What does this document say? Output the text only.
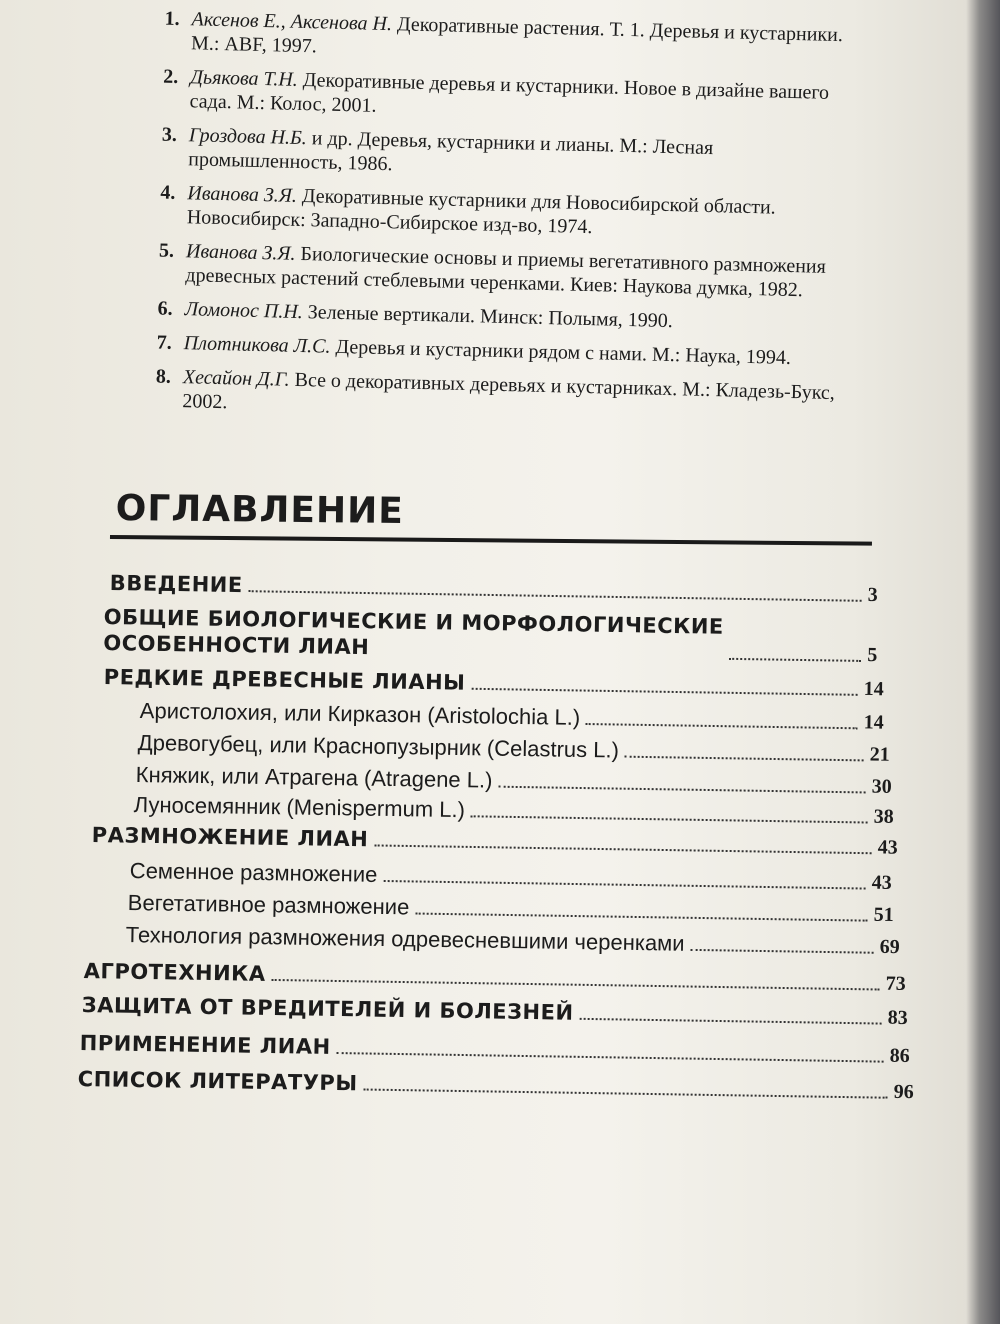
1. Аксенов Е., Аксенова Н. Декоративные растения. Т. 1. Деревья и кустарники. М.: ABF, 1997.
2. Дьякова Т.Н. Декоративные деревья и кустарники. Новое в дизайне вашего сада. М.: Колос, 2001.
3. Гроздова Н.Б. и др. Деревья, кустарники и лианы. М.: Лесная промышленность, 1986.
4. Иванова З.Я. Декоративные кустарники для Новосибирской области. Новосибирск: Западно-Сибирское изд-во, 1974.
5. Иванова З.Я. Биологические основы и приемы вегетативного размножения древесных растений стеблевыми черенками. Киев: Наукова думка, 1982.
6. Ломонос П.Н. Зеленые вертикали. Минск: Полымя, 1990.
7. Плотникова Л.С. Деревья и кустарники рядом с нами. М.: Наука, 1994.
8. Хесайон Д.Г. Все о декоративных деревьях и кустарниках. М.: Кладезь-Букс, 2002.
ОГЛАВЛЕНИЕ
ВВЕДЕНИЕ	3
ОБЩИЕ БИОЛОГИЧЕСКИЕ И МОРФОЛОГИЧЕСКИЕ
ОСОБЕННОСТИ ЛИАН	5
РЕДКИЕ ДРЕВЕСНЫЕ ЛИАНЫ	14
Аристолохия, или Кирказон (Aristolochia L.)	14
Древогубец, или Краснопузырник (Celastrus L.)	21
Княжик, или Атрагена (Atragene L.)	30
Луносемянник (Menispermum L.)	38
РАЗМНОЖЕНИЕ ЛИАН	43
Семенное размножение	43
Вегетативное размножение	51
Технология размножения одревесневшими черенками	69
АГРОТЕХНИКА	73
ЗАЩИТА ОТ ВРЕДИТЕЛЕЙ И БОЛЕЗНЕЙ	83
ПРИМЕНЕНИЕ ЛИАН	86
СПИСОК ЛИТЕРАТУРЫ	96
